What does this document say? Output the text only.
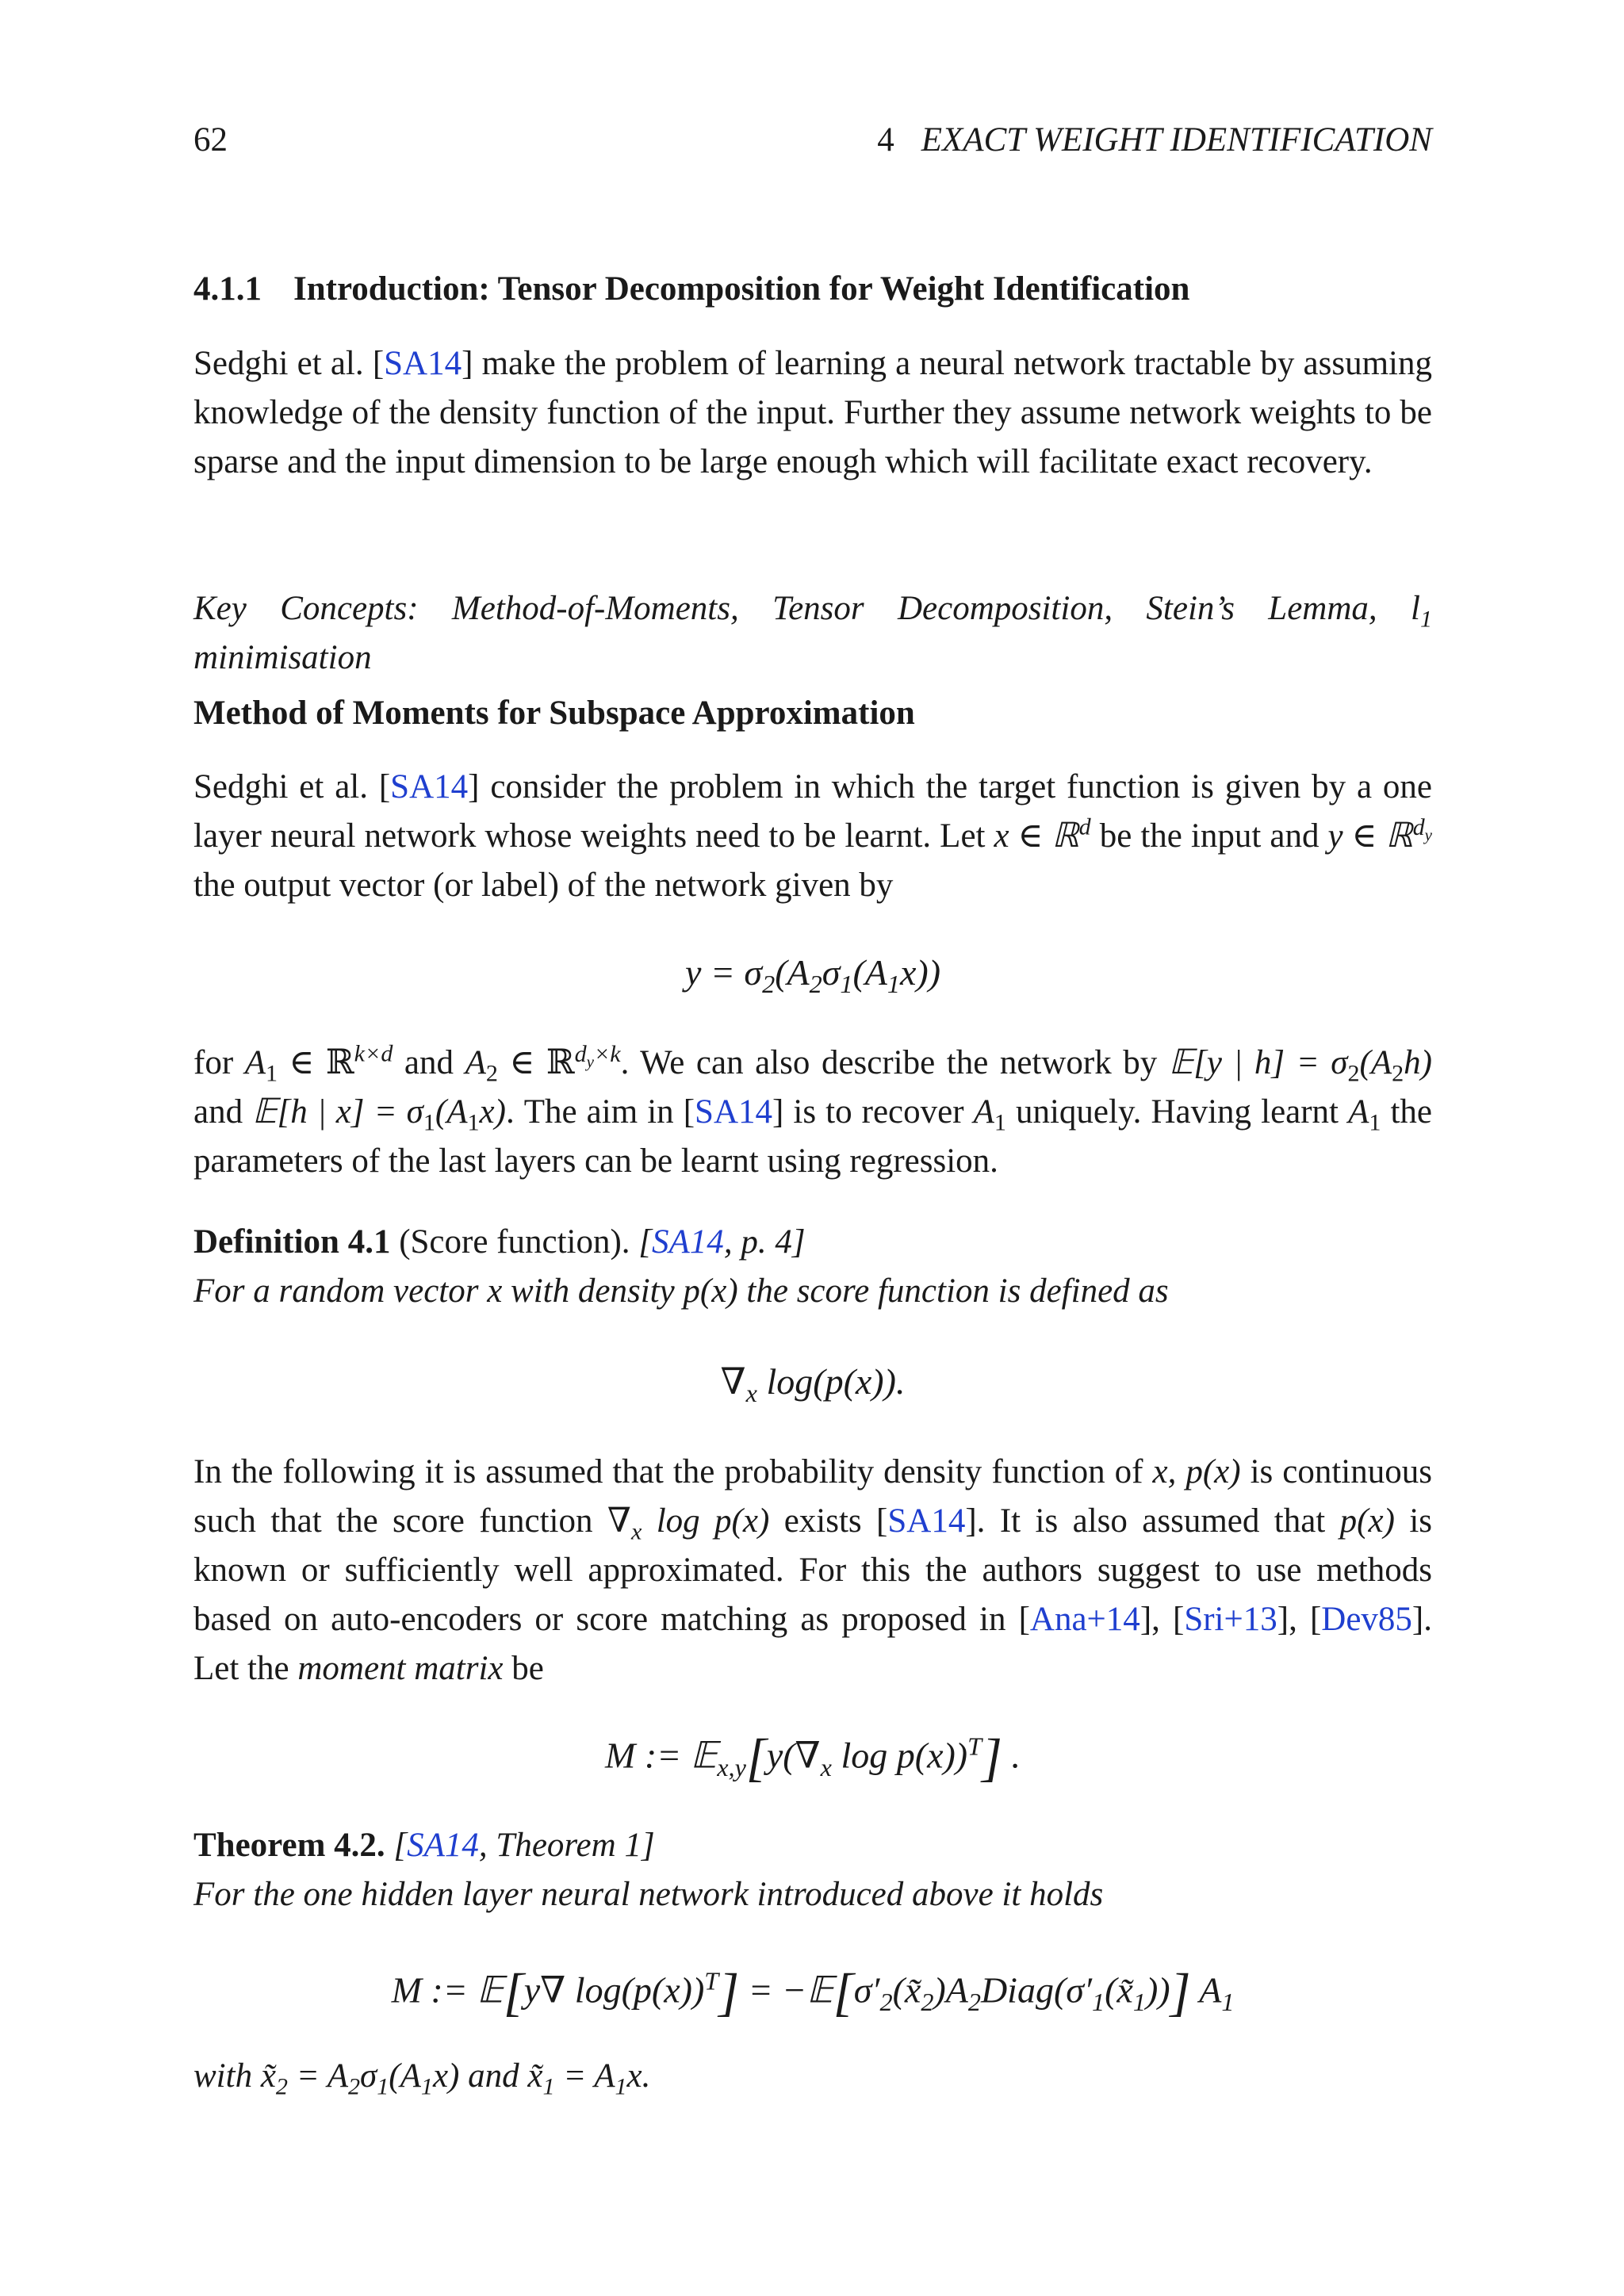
62	4 EXACT WEIGHT IDENTIFICATION
4.1.1 Introduction: Tensor Decomposition for Weight Identification

Sedghi et al. [SA14] make the problem of learning a neural network tractable by assuming knowledge of the density function of the input. Further they assume network weights to be sparse and the input dimension to be large enough which will facilitate exact recovery.

Key Concepts: Method-of-Moments, Tensor Decomposition, Stein’s Lemma, $l_1$ minimisation

Method of Moments for Subspace Approximation

Sedghi et al. [SA14] consider the problem in which the target function is given by a one layer neural network whose weights need to be learnt. Let x ∈ ℝ$^d$ be the input and y ∈ ℝ$^{d_y}$ the output vector (or label) of the network given by

$y = \sigma_2(A_2\sigma_1(A_1x))$

for $A_1$ ∈ ℝ$^{k\times d}$ and $A_2$ ∈ ℝ$^{d_y\times k}$. We can also describe the network by 𝔼[y | $h] = \sigma_2(A_2h)$ and 𝔼[h | $x] = \sigma_1(A_1x)$. The aim in [SA14] is to recover $A_1$ uniquely. Having learnt $A_1$ the parameters of the last layers can be learnt using regression.

Definition 4.1 (Score function). [SA14, p. 4]
For a random vector x with density p(x) the score function is defined as

$\nabla_x$ log(p(x)).

In the following it is assumed that the probability density function of x, p(x) is continuous such that the score function $\nabla_x$ log p(x) exists [SA14]. It is also assumed that p(x) is known or sufficiently well approximated. For this the authors suggest to use methods based on auto-encoders or score matching as proposed in [Ana+14], [Sri+13], [Dev85]. Let the moment matrix be

M := $𝔼_{x,y}[y(\nabla_x$ log p(x))$^T$] .

Theorem 4.2. [SA14, Theorem 1]
For the one hidden layer neural network introduced above it holds

M := 𝔼[y∇ $\log(p(x))^T$] = $-𝔼[\sigma'_2(x̃_2)A_2Diag(\sigma'_1(x̃_1))]$ $A_1$

with $x̃_2 = A_2\sigma_1(A_1x)$ and $x̃_1 = A_1x$.
